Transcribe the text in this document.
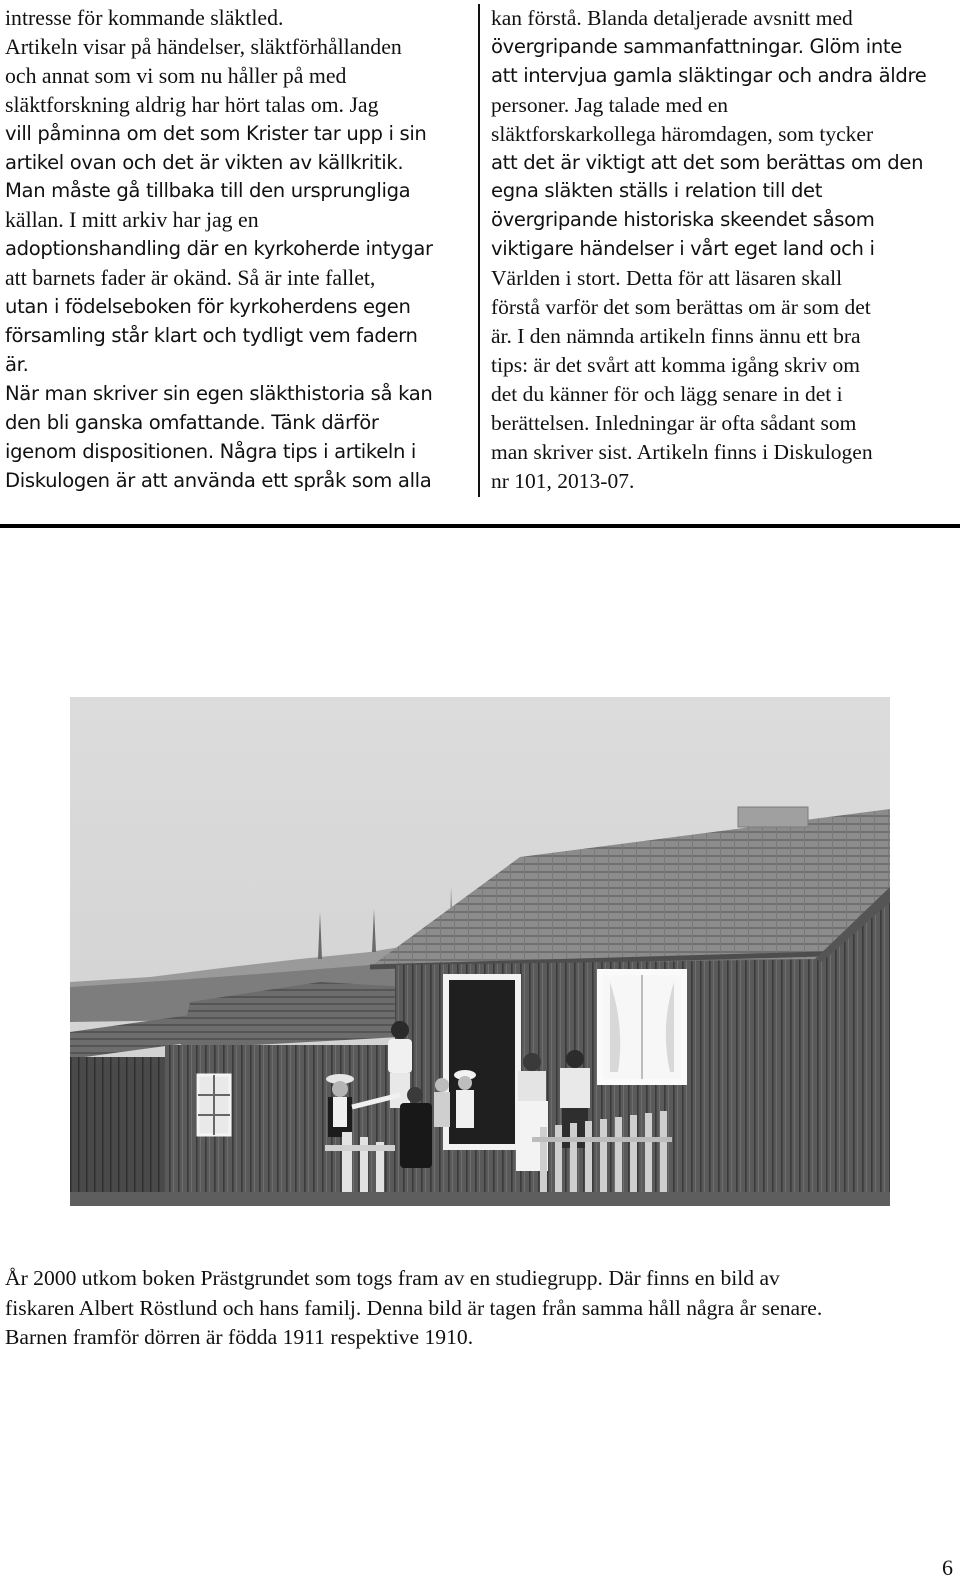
intresse för kommande släktled.
Artikeln visar på händelser, släktförhållanden
och annat som vi som nu håller på med
släktforskning aldrig har hört talas om. Jag
vill påminna om det som Krister tar upp i sin
artikel ovan och det är vikten av källkritik.
Man måste gå tillbaka till den ursprungliga
källan. I mitt arkiv har jag en
adoptionshandling där en kyrkoherde intygar
att barnets fader är okänd. Så är inte fallet,
utan i födelseboken för kyrkoherdens egen
församling står klart och tydligt vem fadern
är.
När man skriver sin egen släkthistoria så kan
den bli ganska omfattande. Tänk därför
igenom dispositionen. Några tips i artikeln i
Diskulogen är att använda ett språk som alla
kan förstå. Blanda detaljerade avsnitt med
övergripande sammanfattningar. Glöm inte
att intervjua gamla släktingar och andra äldre
personer. Jag talade med en
släktforskarkollega häromdagen, som tycker
att det är viktigt att det som berättas om den
egna släkten ställs i relation till det
övergripande historiska skeendet såsom
viktigare händelser i vårt eget land och i
Världen i stort. Detta för att läsaren skall
förstå varför det som berättas om är som det
är. I den nämnda artikeln finns ännu ett bra
tips: är det svårt att komma igång skriv om
det du känner för och lägg senare in det i
berättelsen. Inledningar är ofta sådant som
man skriver sist. Artikeln finns i Diskulogen
nr 101, 2013-07.
År 2000 utkom boken Prästgrundet som togs fram av en studiegrupp. Där finns en bild av
fiskaren Albert Röstlund och hans familj. Denna bild är tagen från samma håll några år senare.
Barnen framför dörren är födda 1911 respektive 1910.
6
